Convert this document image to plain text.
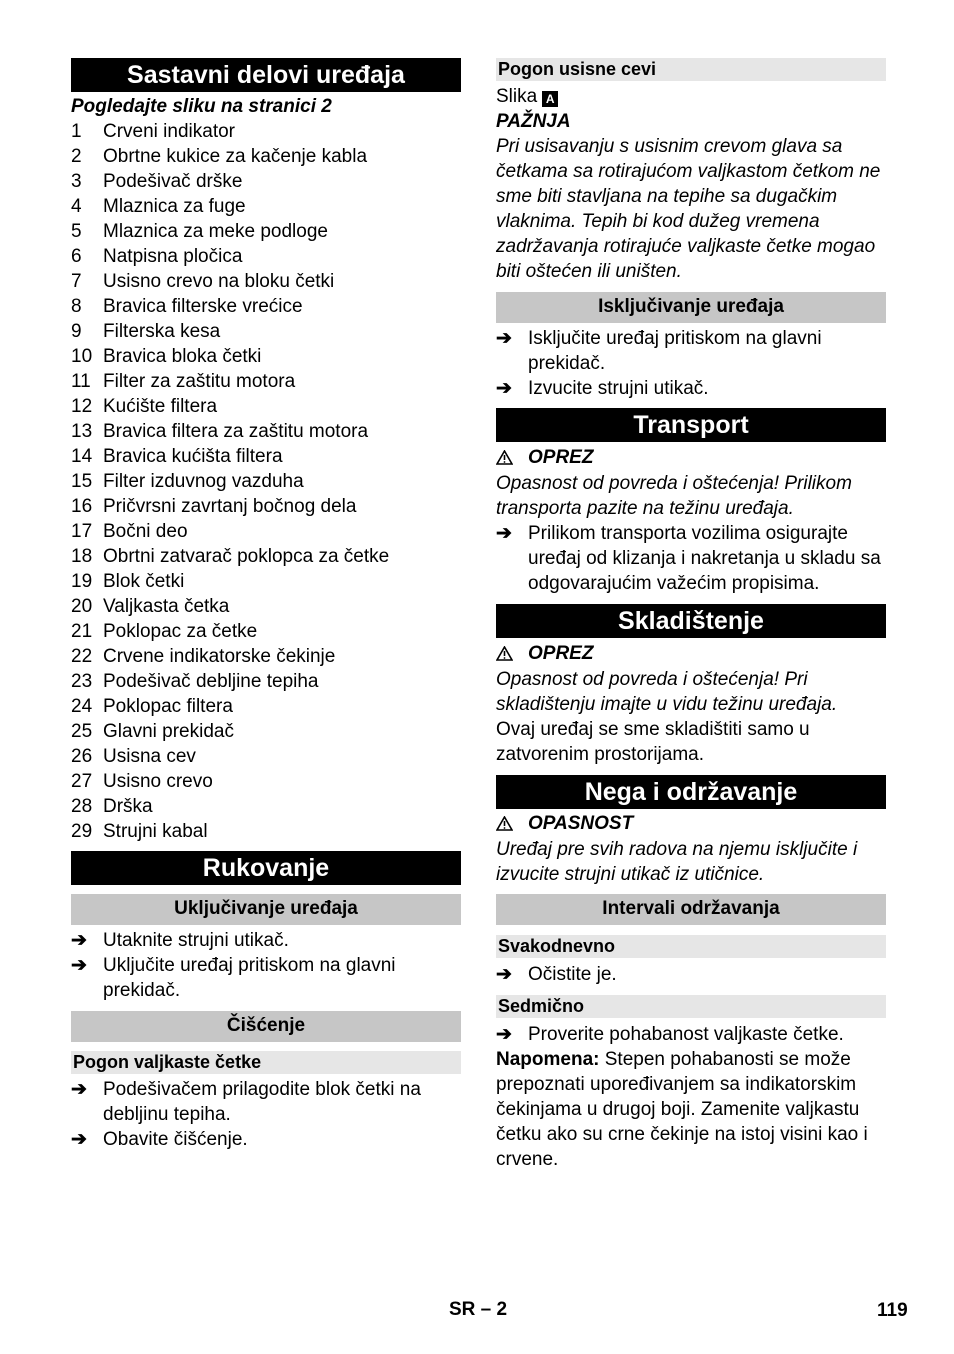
Sastavni delovi uređaja
Pogledajte sliku na stranici 2
1	Crveni indikator
2	Obrtne kukice za kačenje kabla
3	Podešivač drške
4	Mlaznica za fuge
5	Mlaznica za meke podloge
6	Natpisna pločica
7	Usisno crevo na bloku četki
8	Bravica filterske vrećice
9	Filterska kesa
10 Bravica bloka četki
11 Filter za zaštitu motora
12 Kućište filtera
13 Bravica filtera za zaštitu motora
14 Bravica kućišta filtera
15 Filter izduvnog vazduha
16 Pričvrsni zavrtanj bočnog dela
17 Bočni deo
18 Obrtni zatvarač poklopca za četke
19 Blok četki
20 Valjkasta četka
21 Poklopac za četke
22 Crvene indikatorske čekinje
23 Podešivač debljine tepiha
24 Poklopac filtera
25 Glavni prekidač
26 Usisna cev
27 Usisno crevo
28 Drška
29 Strujni kabal
Rukovanje
Uključivanje uređaja
➔ Utaknite strujni utikač.
➔ Uključite uređaj pritiskom na glavni prekidač.
Čišćenje
Pogon valjkaste četke
➔ Podešivačem prilagodite blok četki na debljinu tepiha.
➔ Obavite čišćenje.
Pogon usisne cevi
Slika A
PAŽNJA
Pri usisavanju s usisnim crevom glava sa četkama sa rotirajućom valjkastom četkom ne sme biti stavljana na tepihe sa dugačkim vlaknima. Tepih bi kod dužeg vremena zadržavanja rotirajuće valjkaste četke mogao biti oštećen ili uništen.
Isključivanje uređaja
➔ Isključite uređaj pritiskom na glavni prekidač.
➔ Izvucite strujni utikač.
Transport
OPREZ
Opasnost od povreda i oštećenja! Prilikom transporta pazite na težinu uređaja.
➔ Prilikom transporta vozilima osigurajte uređaj od klizanja i nakretanja u skladu sa odgovarajućim važećim propisima.
Skladištenje
OPREZ
Opasnost od povreda i oštećenja! Pri skladištenju imajte u vidu težinu uređaja.
Ovaj uređaj se sme skladištiti samo u zatvorenim prostorijama.
Nega i održavanje
OPASNOST
Uređaj pre svih radova na njemu isključite i izvucite strujni utikač iz utičnice.
Intervali održavanja
Svakodnevno
➔ Očistite je.
Sedmično
➔ Proverite pohabanost valjkaste četke.
Napomena: Stepen pohabanosti se može prepoznati upoređivanjem sa indikatorskim čekinjama u drugoj boji. Zamenite valjkastu četku ako su crne čekinje na istoj visini kao i crvene.
SR – 2	119
